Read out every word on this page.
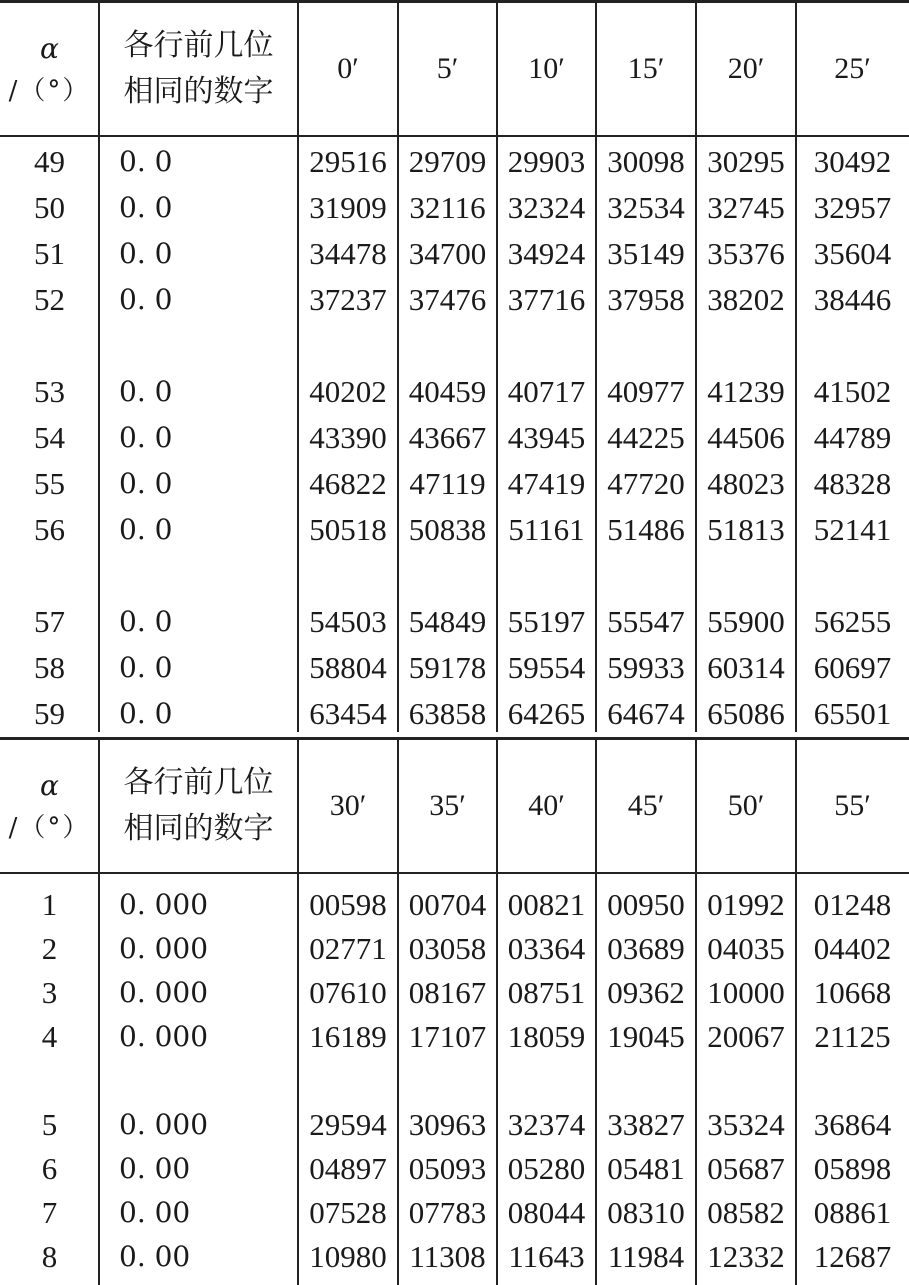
α
/（°）
各行前几位
相同的数字
0′	5′	10′	15′	20′	25′
49	0. 0	29516 29709 29903 30098 30295 30492
50	0. 0	31909 32116 32324 32534 32745 32957
51	0. 0	34478 34700 34924 35149 35376 35604
52	0. 0	37237 37476 37716 37958 38202 38446
53	0. 0	40202 40459 40717 40977 41239 41502
54	0. 0	43390 43667 43945 44225 44506 44789
55	0. 0	46822 47119 47419 47720 48023 48328
56	0. 0	50518 50838 51161 51486 51813 52141
57	0. 0	54503 54849 55197 55547 55900 56255
58	0. 0	58804 59178 59554 59933 60314 60697
59	0. 0	63454 63858 64265 64674 65086 65501
α
/（°）
各行前几位
相同的数字
30′	35′	40′	45′	50′	55′
1	0. 000	00598 00704 00821 00950 01992 01248
2	0. 000	02771 03058 03364 03689 04035 04402
3	0. 000	07610 08167 08751 09362 10000 10668
4	0. 000	16189 17107 18059 19045 20067 21125
5	0. 000	29594 30963 32374 33827 35324 36864
6	0. 00	04897 05093 05280 05481 05687 05898
7	0. 00	07528 07783 08044 08310 08582 08861
8	0. 00	10980 11308 11643 11984 12332 12687
